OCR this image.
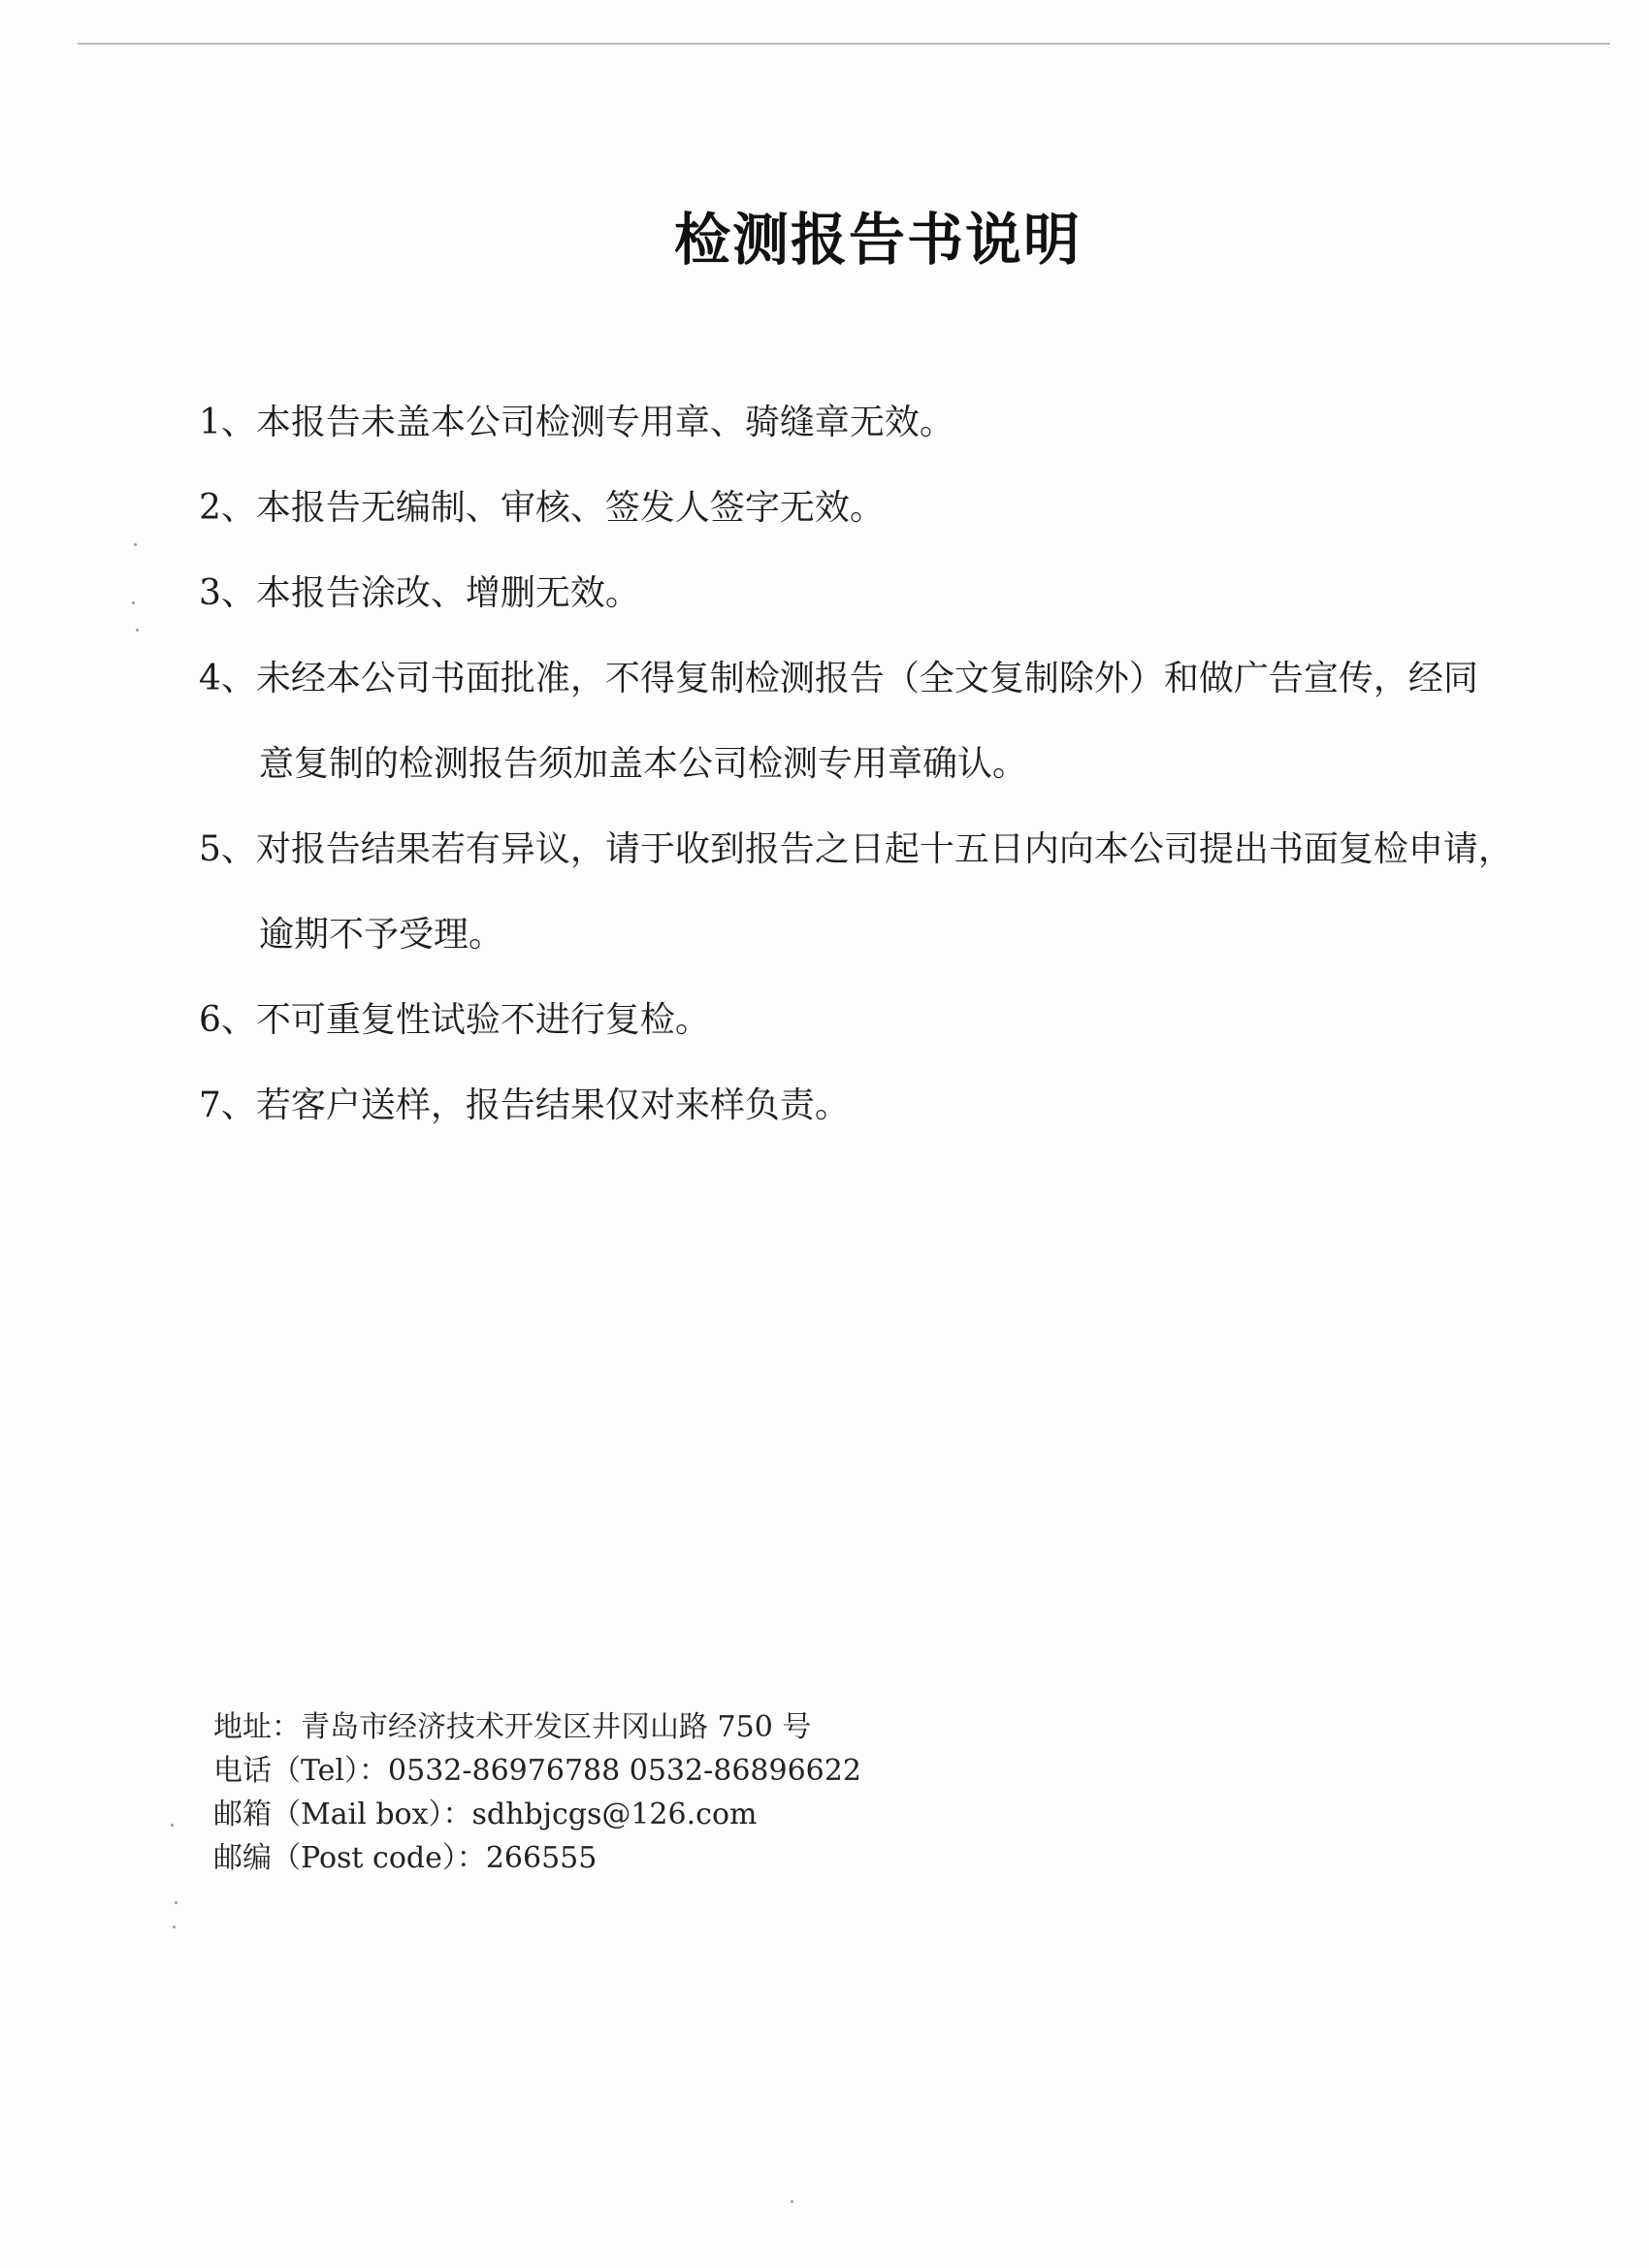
检测报告书说明
1、本报告未盖本公司检测专用章、骑缝章无效。
2、本报告无编制、审核、签发人签字无效。
3、本报告涂改、增删无效。
4、未经本公司书面批准，不得复制检测报告（全文复制除外）和做广告宣传，经同
意复制的检测报告须加盖本公司检测专用章确认。
5、对报告结果若有异议，请于收到报告之日起十五日内向本公司提出书面复检申请，
逾期不予受理。
6、不可重复性试验不进行复检。
7、若客户送样，报告结果仅对来样负责。
地址：青岛市经济技术开发区井冈山路 750 号
电话（Tel）：0532-86976788 0532-86896622
邮箱（Mail box）：sdhbjcgs@126.com
邮编（Post code）：266555
